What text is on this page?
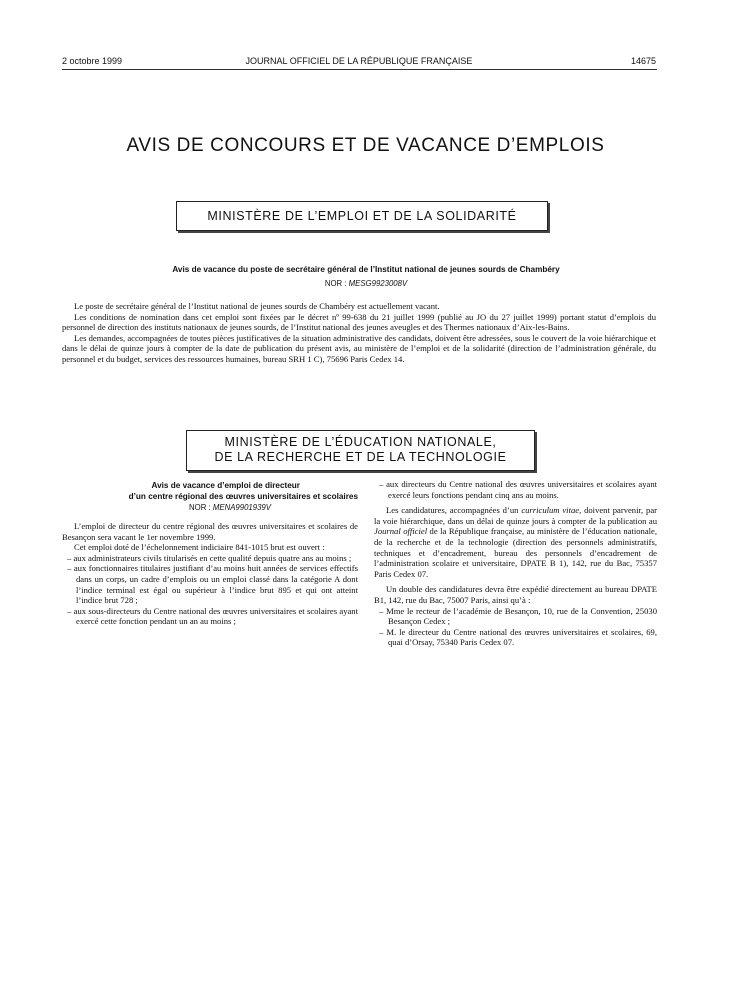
2 octobre 1999	JOURNAL OFFICIEL DE LA RÉPUBLIQUE FRANÇAISE	14675
AVIS DE CONCOURS ET DE VACANCE D’EMPLOIS
MINISTÈRE DE L’EMPLOI ET DE LA SOLIDARITÉ
Avis de vacance du poste de secrétaire général de l’Institut national de jeunes sourds de Chambéry
NOR : MESG9923008V

Le poste de secrétaire général de l’Institut national de jeunes sourds de Chambéry est actuellement vacant.

Les conditions de nomination dans cet emploi sont fixées par le décret nº 99-638 du 21 juillet 1999 (publié au JO du 27 juillet 1999) portant statut d’emplois du personnel de direction des instituts nationaux de jeunes sourds, de l’Institut national des jeunes aveugles et des Thermes nationaux d’Aix-les-Bains.

Les demandes, accompagnées de toutes pièces justificatives de la situation administrative des candidats, doivent être adressées, sous le couvert de la voie hiérarchique et dans le délai de quinze jours à compter de la date de publication du présent avis, au ministère de l’emploi et de la solidarité (direction de l’administration générale, du personnel et du budget, services des ressources humaines, bureau SRH 1 C), 75696 Paris Cedex 14.

MINISTÈRE DE L’ÉDUCATION NATIONALE,
DE LA RECHERCHE ET DE LA TECHNOLOGIE
Avis de vacance d’emploi de directeur
d’un centre régional des œuvres universitaires et scolaires
NOR : MENA9901939V

L’emploi de directeur du centre régional des œuvres universitaires et scolaires de Besançon sera vacant le 1er novembre 1999.

Cet emploi doté de l’échelonnement indiciaire 841-1015 brut est ouvert :

– aux administrateurs civils titularisés en cette qualité depuis quatre ans au moins ;
– aux fonctionnaires titulaires justifiant d’au moins huit années de services effectifs dans un corps, un cadre d’emplois ou un emploi classé dans la catégorie A dont l’indice terminal est égal ou supérieur à l’indice brut 895 et qui ont atteint l’indice brut 728 ;
– aux sous-directeurs du Centre national des œuvres universitaires et scolaires ayant exercé cette fonction pendant un an au moins ;
– aux directeurs du Centre national des œuvres universitaires et scolaires ayant exercé leurs fonctions pendant cinq ans au moins.

Les candidatures, accompagnées d’un curriculum vitae, doivent parvenir, par la voie hiérarchique, dans un délai de quinze jours à compter de la publication au Journal officiel de la République française, au ministère de l’éducation nationale, de la recherche et de la technologie (direction des personnels administratifs, techniques et d’encadrement, bureau des personnels d’encadrement de l’administration scolaire et universitaire, DPATE B 1), 142, rue du Bac, 75357 Paris Cedex 07.

Un double des candidatures devra être expédié directement au bureau DPATE B1, 142, rue du Bac, 75007 Paris, ainsi qu’à :

– Mme le recteur de l’académie de Besançon, 10, rue de la Convention, 25030 Besançon Cedex ;
– M. le directeur du Centre national des œuvres universitaires et scolaires, 69, quai d’Orsay, 75340 Paris Cedex 07.
